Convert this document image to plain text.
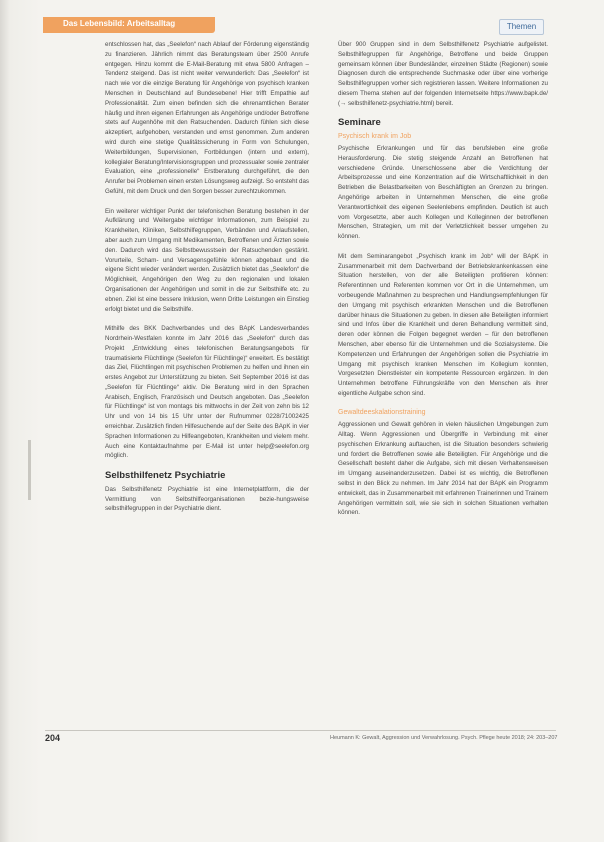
Das Lebensbild: Arbeitsalltag	Themen

entschlossen hat, das „Seelefon“ nach Ablauf der Förderung eigenständig zu finanzieren. Jährlich nimmt das Beratungsteam über 2500 Anrufe entgegen. Hinzu kommt die E-Mail-Beratung mit etwa 5800 Anfragen – Tendenz steigend. Das ist nicht weiter verwunderlich: Das „Seelefon“ ist nach wie vor die einzige Beratung für Angehörige von psychisch kranken Menschen in Deutschland auf Bundesebene! Hier trifft Empathie auf Professionalität. Zum einen befinden sich die ehrenamtlichen Berater häufig und ihren eigenen Erfahrungen als Angehörige und/oder Betroffene stets auf Augenhöhe mit den Ratsuchenden. Dadurch fühlen sich diese akzeptiert, aufgehoben, verstanden und ernst genommen. Zum anderen wird durch eine stetige Qualitätssicherung in Form von Schulungen, Weiterbildungen, Supervisionen, Fortbildungen (intern und extern), kollegialer Beratung/Intervisionsgruppen und prozessualer sowie zentraler Evaluation, eine „professionelle“ Erstberatung durchgeführt, die den Anrufer bei Problemen einen ersten Lösungsweg aufzeigt. So entsteht das Gefühl, mit dem Druck und den Sorgen besser zurechtzukommen.

Ein weiterer wichtiger Punkt der telefonischen Beratung bestehen in der Aufklärung und Weitergabe wichtiger Informationen, zum Beispiel zu Krankheiten, Kliniken, Selbsthilfegruppen, Verbänden und Anlaufstellen, aber auch zum Umgang mit Medikamenten, Betroffenen und Ärzten sowie den. Dadurch wird das Selbstbewusstsein der Ratsuchenden gestärkt. Vorurteile, Scham- und Versagensgefühle können abgebaut und die eigene Sicht wieder verändert werden. Zusätzlich bietet das „Seelefon“ die Möglichkeit, Angehörigen den Weg zu den regionalen und lokalen Organisationen der Angehörigen und somit in die zur Selbsthilfe etc. zu ebnen. Ziel ist eine bessere Inklusion, wenn Dritte Leistungen ein Einstieg erfolgt bietet und die Selbsthilfe.

Mithilfe des BKK Dachverbandes und des BApK Landesverbandes Nordrhein-Westfalen konnte im Jahr 2016 das „Seelefon“ durch das Projekt „Entwicklung eines telefonischen Beratungsangebots für traumatisierte Flüchtlinge (Seelefon für Flüchtlinge)“ erweitert. Es bestätigt das Ziel, Flüchtlingen mit psychischen Problemen zu helfen und ihnen ein erstes Angebot zur Unterstützung zu bieten. Seit September 2016 ist das „Seelefon für Flüchtlinge“ aktiv. Die Beratung wird in den Sprachen Arabisch, Englisch, Französisch und Deutsch angeboten. Das „Seelefon für Flüchtlinge“ ist von montags bis mittwochs in der Zeit von zehn bis 12 Uhr und von 14 bis 15 Uhr unter der Rufnummer 0228/71002425 erreichbar. Zusätzlich finden Hilfesuchende auf der Seite des BApK in vier Sprachen Informationen zu Hilfeangeboten, Krankheiten und vielem mehr. Auch eine Kontaktaufnahme per E-Mail ist unter help@seelefon.org möglich.

Selbsthilfenetz Psychiatrie

Das Selbsthilfenetz Psychiatrie ist eine Internetplattform, die der Vermittlung von Selbsthilfeorganisationen bezie-hungsweise selbsthilfegruppen in der Psychiatrie dient.

Über 900 Gruppen sind in dem Selbsthilfenetz Psychiatrie aufgelistet. Selbsthilfegruppen für Angehörige, Betroffene und beide Gruppen gemeinsam können über Bundesländer, einzelnen Städte (Regionen) sowie Diagnosen durch die entsprechende Suchmaske oder über eine vorherige Selbsthilfegruppen vorher sich registrieren lassen. Weitere Informationen zu diesem Thema stehen auf der folgenden Internetseite https://www.bapk.de/ (→ selbsthilfenetz-psychiatrie.html) bereit.

Seminare
Psychisch krank im Job

Psychische Erkrankungen und für das berufsleben eine große Herausforderung. Die stetig steigende Anzahl an Betroffenen hat verschiedene Gründe. Unerschlossene aber die Verdichtung der Arbeitsprozesse und eine Konzentration auf die Wirtschaftlichkeit in den Betrieben die Belastbarkeiten von Beschäftigten an Grenzen zu bringen. Angehörige arbeiten in Unternehmen Menschen, die eine große Verantwortlichkeit des eigenen Seelenlebens empfinden. Deutlich ist auch vom Vorgesetzte, aber auch Kollegen und Kolleginnen der betroffenen Menschen, Strategien, um mit der Verletzlichkeit besser umgehen zu können.

Mit dem Seminarangebot „Psychisch krank im Job“ will der BApK in Zusammenarbeit mit dem Dachverband der Betriebskrankenkassen eine Situation herstellen, von der alle Beteiligten profitieren können: Referentinnen und Referenten kommen vor Ort in die Unternehmen, um vorbeugende Maßnahmen zu besprechen und Handlungsempfehlungen für den Umgang mit psychisch erkrankten Menschen und die Betroffenen darüber hinaus die Situationen zu geben. In diesen alle Beteiligten informiert sind und Infos über die Krankheit und deren Behandlung vermittelt sind, deren oder können die Folgen begegnet werden – für den betroffenen Menschen, aber ebenso für die Unternehmen und die Sozialsysteme. Die Kompetenzen und Erfahrungen der Angehörigen sollen die Psychiatrie im Umgang mit psychisch kranken Menschen im Kollegium konnten, Vorgesetzten Dienstleister ein kompetente Ressourcen ergänzen. In den Unternehmen betroffene Führungskräfte von den Menschen als ihrer eigentliche Aufgabe schon sind.

Gewaltdeeskalationstraining

Aggressionen und Gewalt gehören in vielen häuslichen Umgebungen zum Alltag. Wenn Aggressionen und Übergriffe in Verbindung mit einer psychischen Erkrankung auftauchen, ist die Situation besonders schwierig und fordert die Betroffenen sowie alle Beteiligten. Für Angehörige und die Gesellschaft besteht daher die Aufgabe, sich mit diesen Verhaltensweisen im Umgang auseinanderzusetzen. Dabei ist es wichtig, die Betroffenen selbst in den Blick zu nehmen. Im Jahr 2014 hat der BApK ein Programm entwickelt, das in Zusammenarbeit mit erfahrenen Trainerinnen und Trainern Angehörigen vermitteln soll, wie sie sich in solchen Situationen verhalten können.

204	Heumann K: Gewalt, Aggression und Verwahrlosung. Psych. Pflege heute 2018; 24: 203–207
